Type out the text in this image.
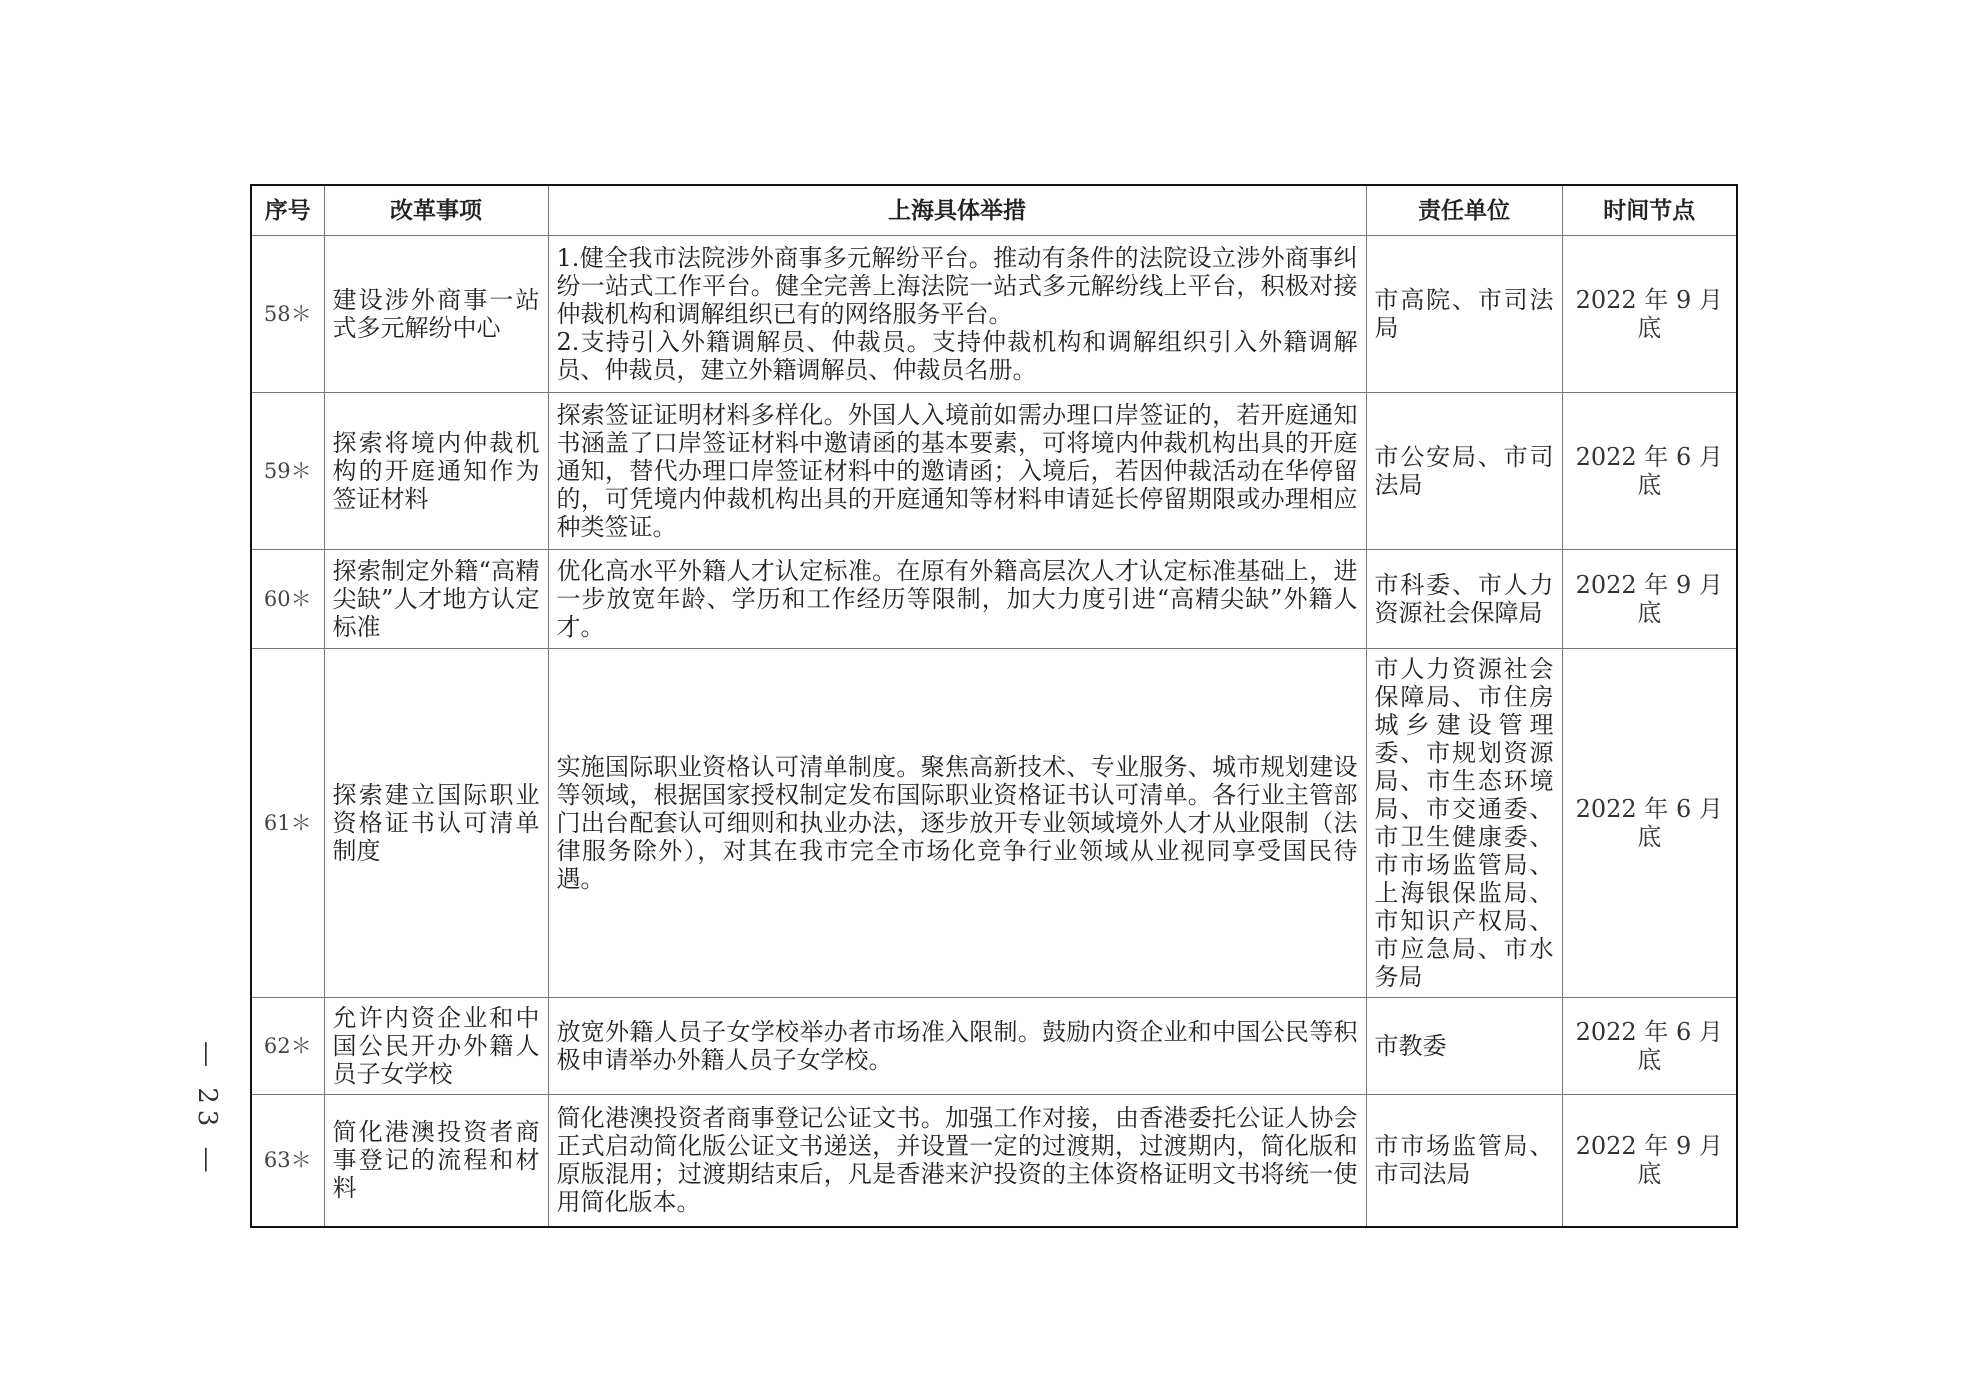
序号	改革事项	上海具体举措	责任单位	时间节点
58＊	建设涉外商事一站式多元解纷中心	1.健全我市法院涉外商事多元解纷平台。推动有条件的法院设立涉外商事纠纷一站式工作平台。健全完善上海法院一站式多元解纷线上平台，积极对接仲裁机构和调解组织已有的网络服务平台。
2.支持引入外籍调解员、仲裁员。支持仲裁机构和调解组织引入外籍调解员、仲裁员，建立外籍调解员、仲裁员名册。	市高院、市司法局	2022 年 9 月底
59＊	探索将境内仲裁机构的开庭通知作为签证材料	探索签证证明材料多样化。外国人入境前如需办理口岸签证的，若开庭通知书涵盖了口岸签证材料中邀请函的基本要素，可将境内仲裁机构出具的开庭通知，替代办理口岸签证材料中的邀请函；入境后，若因仲裁活动在华停留的，可凭境内仲裁机构出具的开庭通知等材料申请延长停留期限或办理相应种类签证。	市公安局、市司法局	2022 年 6 月底
60＊	探索制定外籍“高精尖缺”人才地方认定标准	优化高水平外籍人才认定标准。在原有外籍高层次人才认定标准基础上，进一步放宽年龄、学历和工作经历等限制，加大力度引进“高精尖缺”外籍人才。	市科委、市人力资源社会保障局	2022 年 9 月底
61＊	探索建立国际职业资格证书认可清单制度	实施国际职业资格认可清单制度。聚焦高新技术、专业服务、城市规划建设等领域，根据国家授权制定发布国际职业资格证书认可清单。各行业主管部门出台配套认可细则和执业办法，逐步放开专业领域境外人才从业限制（法律服务除外），对其在我市完全市场化竞争行业领域从业视同享受国民待遇。	市人力资源社会保障局、市住房城乡建设管理委、市规划资源局、市生态环境局、市交通委、市卫生健康委、市市场监管局、上海银保监局、市知识产权局、市应急局、市水务局	2022 年 6 月底
62＊	允许内资企业和中国公民开办外籍人员子女学校	放宽外籍人员子女学校举办者市场准入限制。鼓励内资企业和中国公民等积极申请举办外籍人员子女学校。	市教委	2022 年 6 月底
63＊	简化港澳投资者商事登记的流程和材料	简化港澳投资者商事登记公证文书。加强工作对接，由香港委托公证人协会正式启动简化版公证文书递送，并设置一定的过渡期，过渡期内，简化版和原版混用；过渡期结束后，凡是香港来沪投资的主体资格证明文书将统一使用简化版本。	市市场监管局、市司法局	2022 年 9 月底
— 23 —
